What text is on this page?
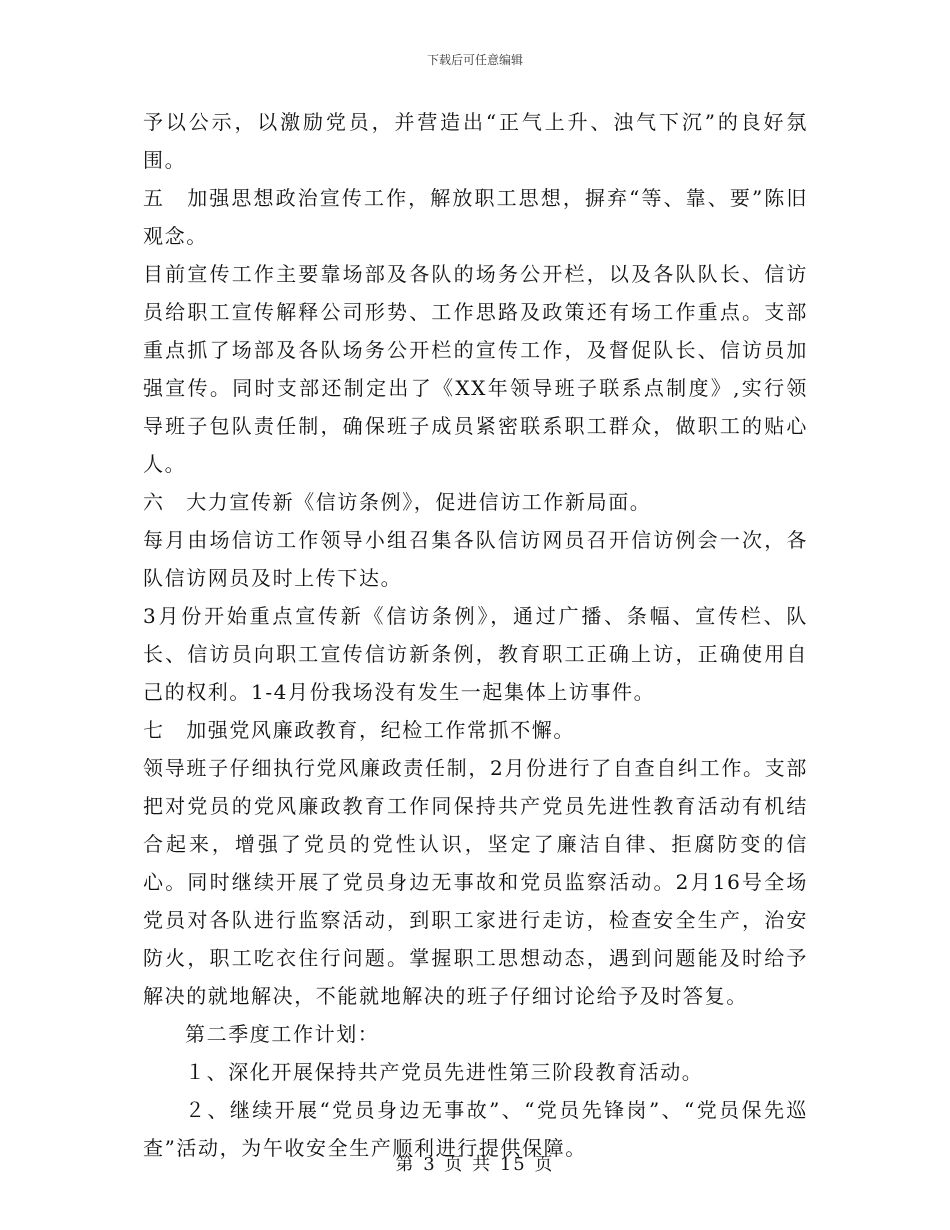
下载后可任意编辑

予以公示，以激励党员，并营造出“正气上升、浊气下沉”的良好氛围。

五　加强思想政治宣传工作，解放职工思想，摒弃“等、靠、要”陈旧观念。

目前宣传工作主要靠场部及各队的场务公开栏，以及各队队长、信访员给职工宣传解释公司形势、工作思路及政策还有场工作重点。支部重点抓了场部及各队场务公开栏的宣传工作，及督促队长、信访员加强宣传。同时支部还制定出了《XX年领导班子联系点制度》,实行领导班子包队责任制，确保班子成员紧密联系职工群众，做职工的贴心人。

六　大力宣传新《信访条例》，促进信访工作新局面。

每月由场信访工作领导小组召集各队信访网员召开信访例会一次，各队信访网员及时上传下达。

3月份开始重点宣传新《信访条例》，通过广播、条幅、宣传栏、队长、信访员向职工宣传信访新条例，教育职工正确上访，正确使用自己的权利。1-4月份我场没有发生一起集体上访事件。

七　加强党风廉政教育，纪检工作常抓不懈。

领导班子仔细执行党风廉政责任制，2月份进行了自查自纠工作。支部把对党员的党风廉政教育工作同保持共产党员先进性教育活动有机结合起来，增强了党员的党性认识，坚定了廉洁自律、拒腐防变的信心。同时继续开展了党员身边无事故和党员监察活动。2月16号全场党员对各队进行监察活动，到职工家进行走访，检查安全生产，治安防火，职工吃衣住行问题。掌握职工思想动态，遇到问题能及时给予解决的就地解决，不能就地解决的班子仔细讨论给予及时答复。

第二季度工作计划：

１、深化开展保持共产党员先进性第三阶段教育活动。

２、继续开展“党员身边无事故”、“党员先锋岗”、“党员保先巡查”活动，为午收安全生产顺利进行提供保障。

第 3 页 共 15 页
